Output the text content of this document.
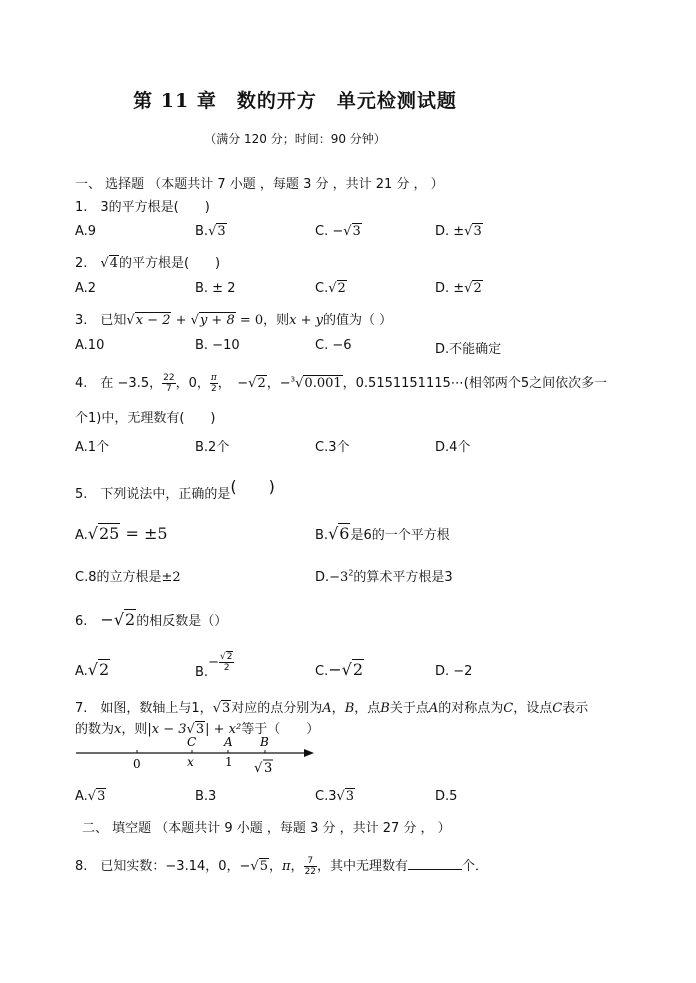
第 11 章　数的开方　单元检测试题
（满分 120 分；时间：90 分钟）
一、 选择题 （本题共计 7 小题 ，每题 3 分 ，共计 21 分 ， ）
1.　3的平方根是(　　)
A.9	B.√3	C. −√3	D. ±√3
2.　√4的平方根是(　　)
A.2	B. ± 2	C.√2	D. ±√2
3.　已知√x − 2 + √y + 8 = 0，则x + y的值为（ ）
A.10	B. −10	C. −6	D.不能确定
4.　在 −3.5， $\frac{22}{7}$ ，0， $\frac{\pi}{2}$ ，　−√2，−$^3$√0.001，0.5151151115⋯(相邻两个5之间依次多一
个1)中，无理数有(　　)
A.1个	B.2个	C.3个	D.4个
5.　下列说法中，正确的是(　　)
A.√25 = ±5	B.√6是6的一个平方根
C.8的立方根是±2	$D.-3^2$的算术平方根是3
6.　 −√2的相反数是（）
A.√2	$B.- \frac{√2}{2}$	C.−√2	D. −2
7.　如图，数轴上与1，√3对应的点分别为A，B，点B关于点A的对称点为C，设点C表示
的数为x，则|x − 3√3| + x²等于（　　）
0	x	1
C A B
√ 3
A.√3	B.3	C.3√3	D.5
二、 填空题 （本题共计 9 小题 ，每题 3 分 ，共计 27 分 ， ）
8.　已知实数：−3.14，0，−√5，π， $\frac{7}{22}$ ，其中无理数有	个．
